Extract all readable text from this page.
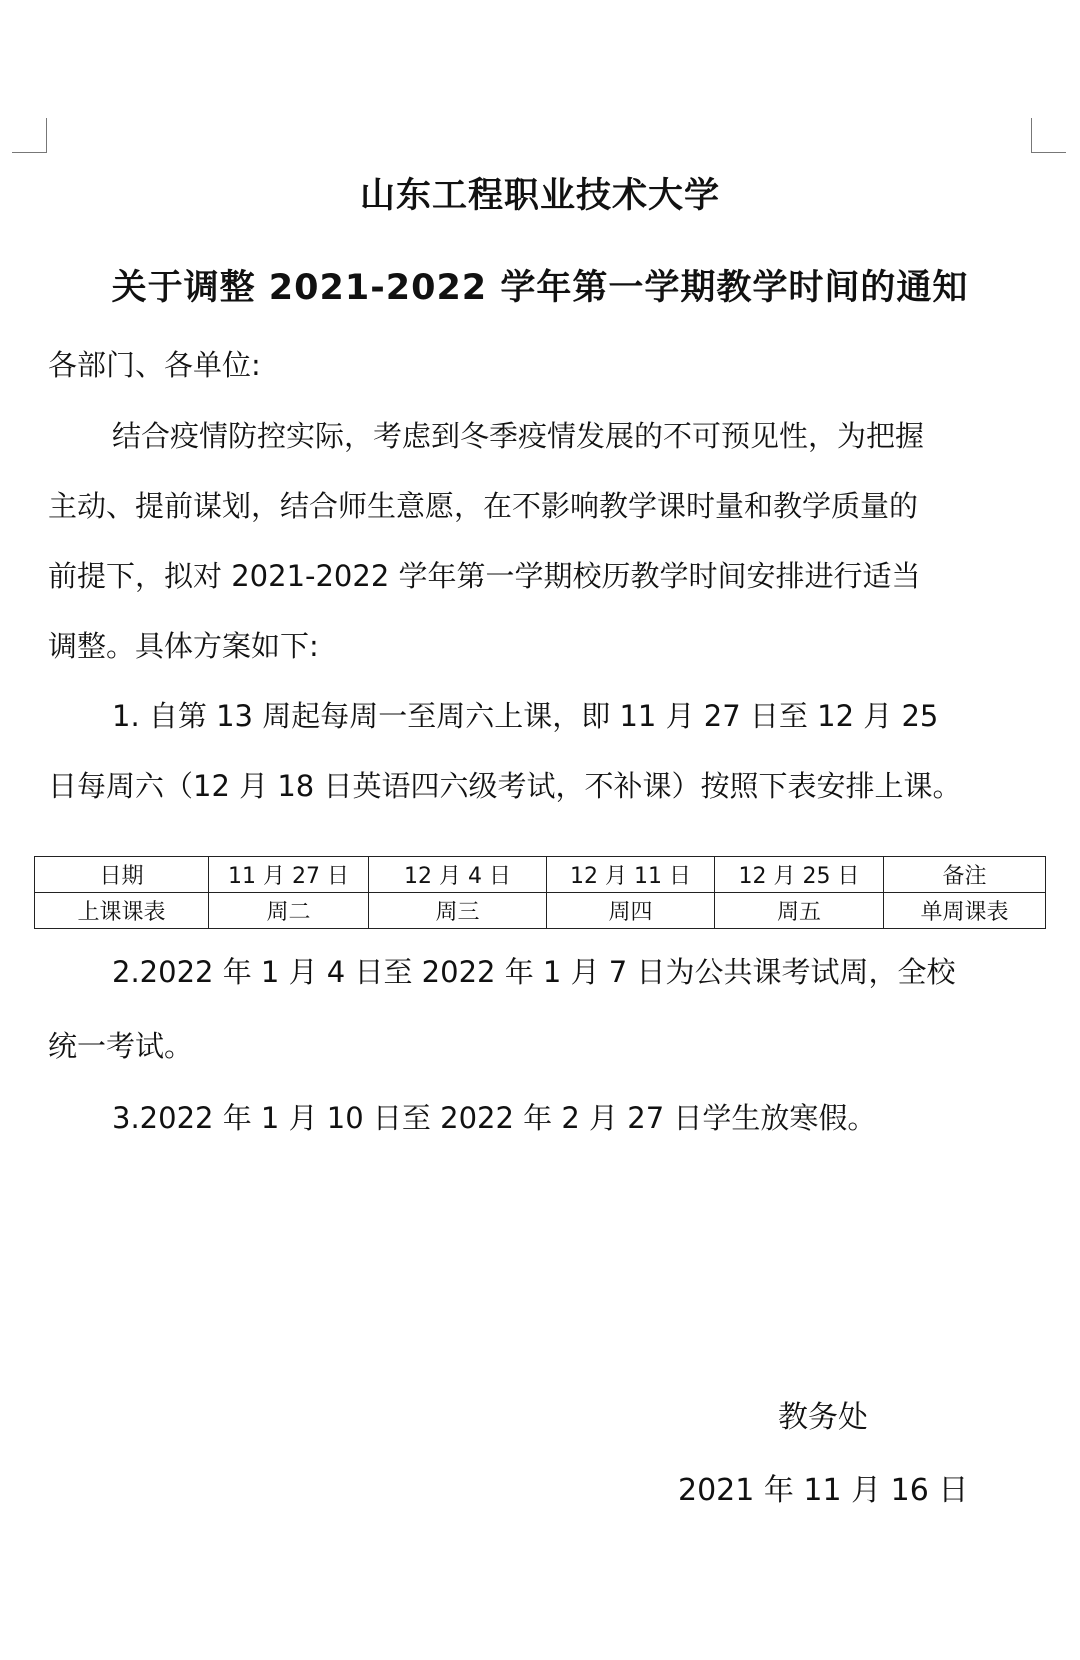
山东工程职业技术大学
关于调整 2021-2022 学年第一学期教学时间的通知
各部门、各单位:
结合疫情防控实际，考虑到冬季疫情发展的不可预见性，为把握
主动、提前谋划，结合师生意愿，在不影响教学课时量和教学质量的
前提下，拟对 2021-2022 学年第一学期校历教学时间安排进行适当
调整。具体方案如下:
1. 自第 13 周起每周一至周六上课，即 11 月 27 日至 12 月 25
日每周六（12 月 18 日英语四六级考试，不补课）按照下表安排上课。
日期	11 月 27 日	12 月 4 日	12 月 11 日	12 月 25 日	备注
上课课表	周二	周三	周四	周五	单周课表
2.2022 年 1 月 4 日至 2022 年 1 月 7 日为公共课考试周，全校
统一考试。
3.2022 年 1 月 10 日至 2022 年 2 月 27 日学生放寒假。
教务处
2021 年 11 月 16 日
